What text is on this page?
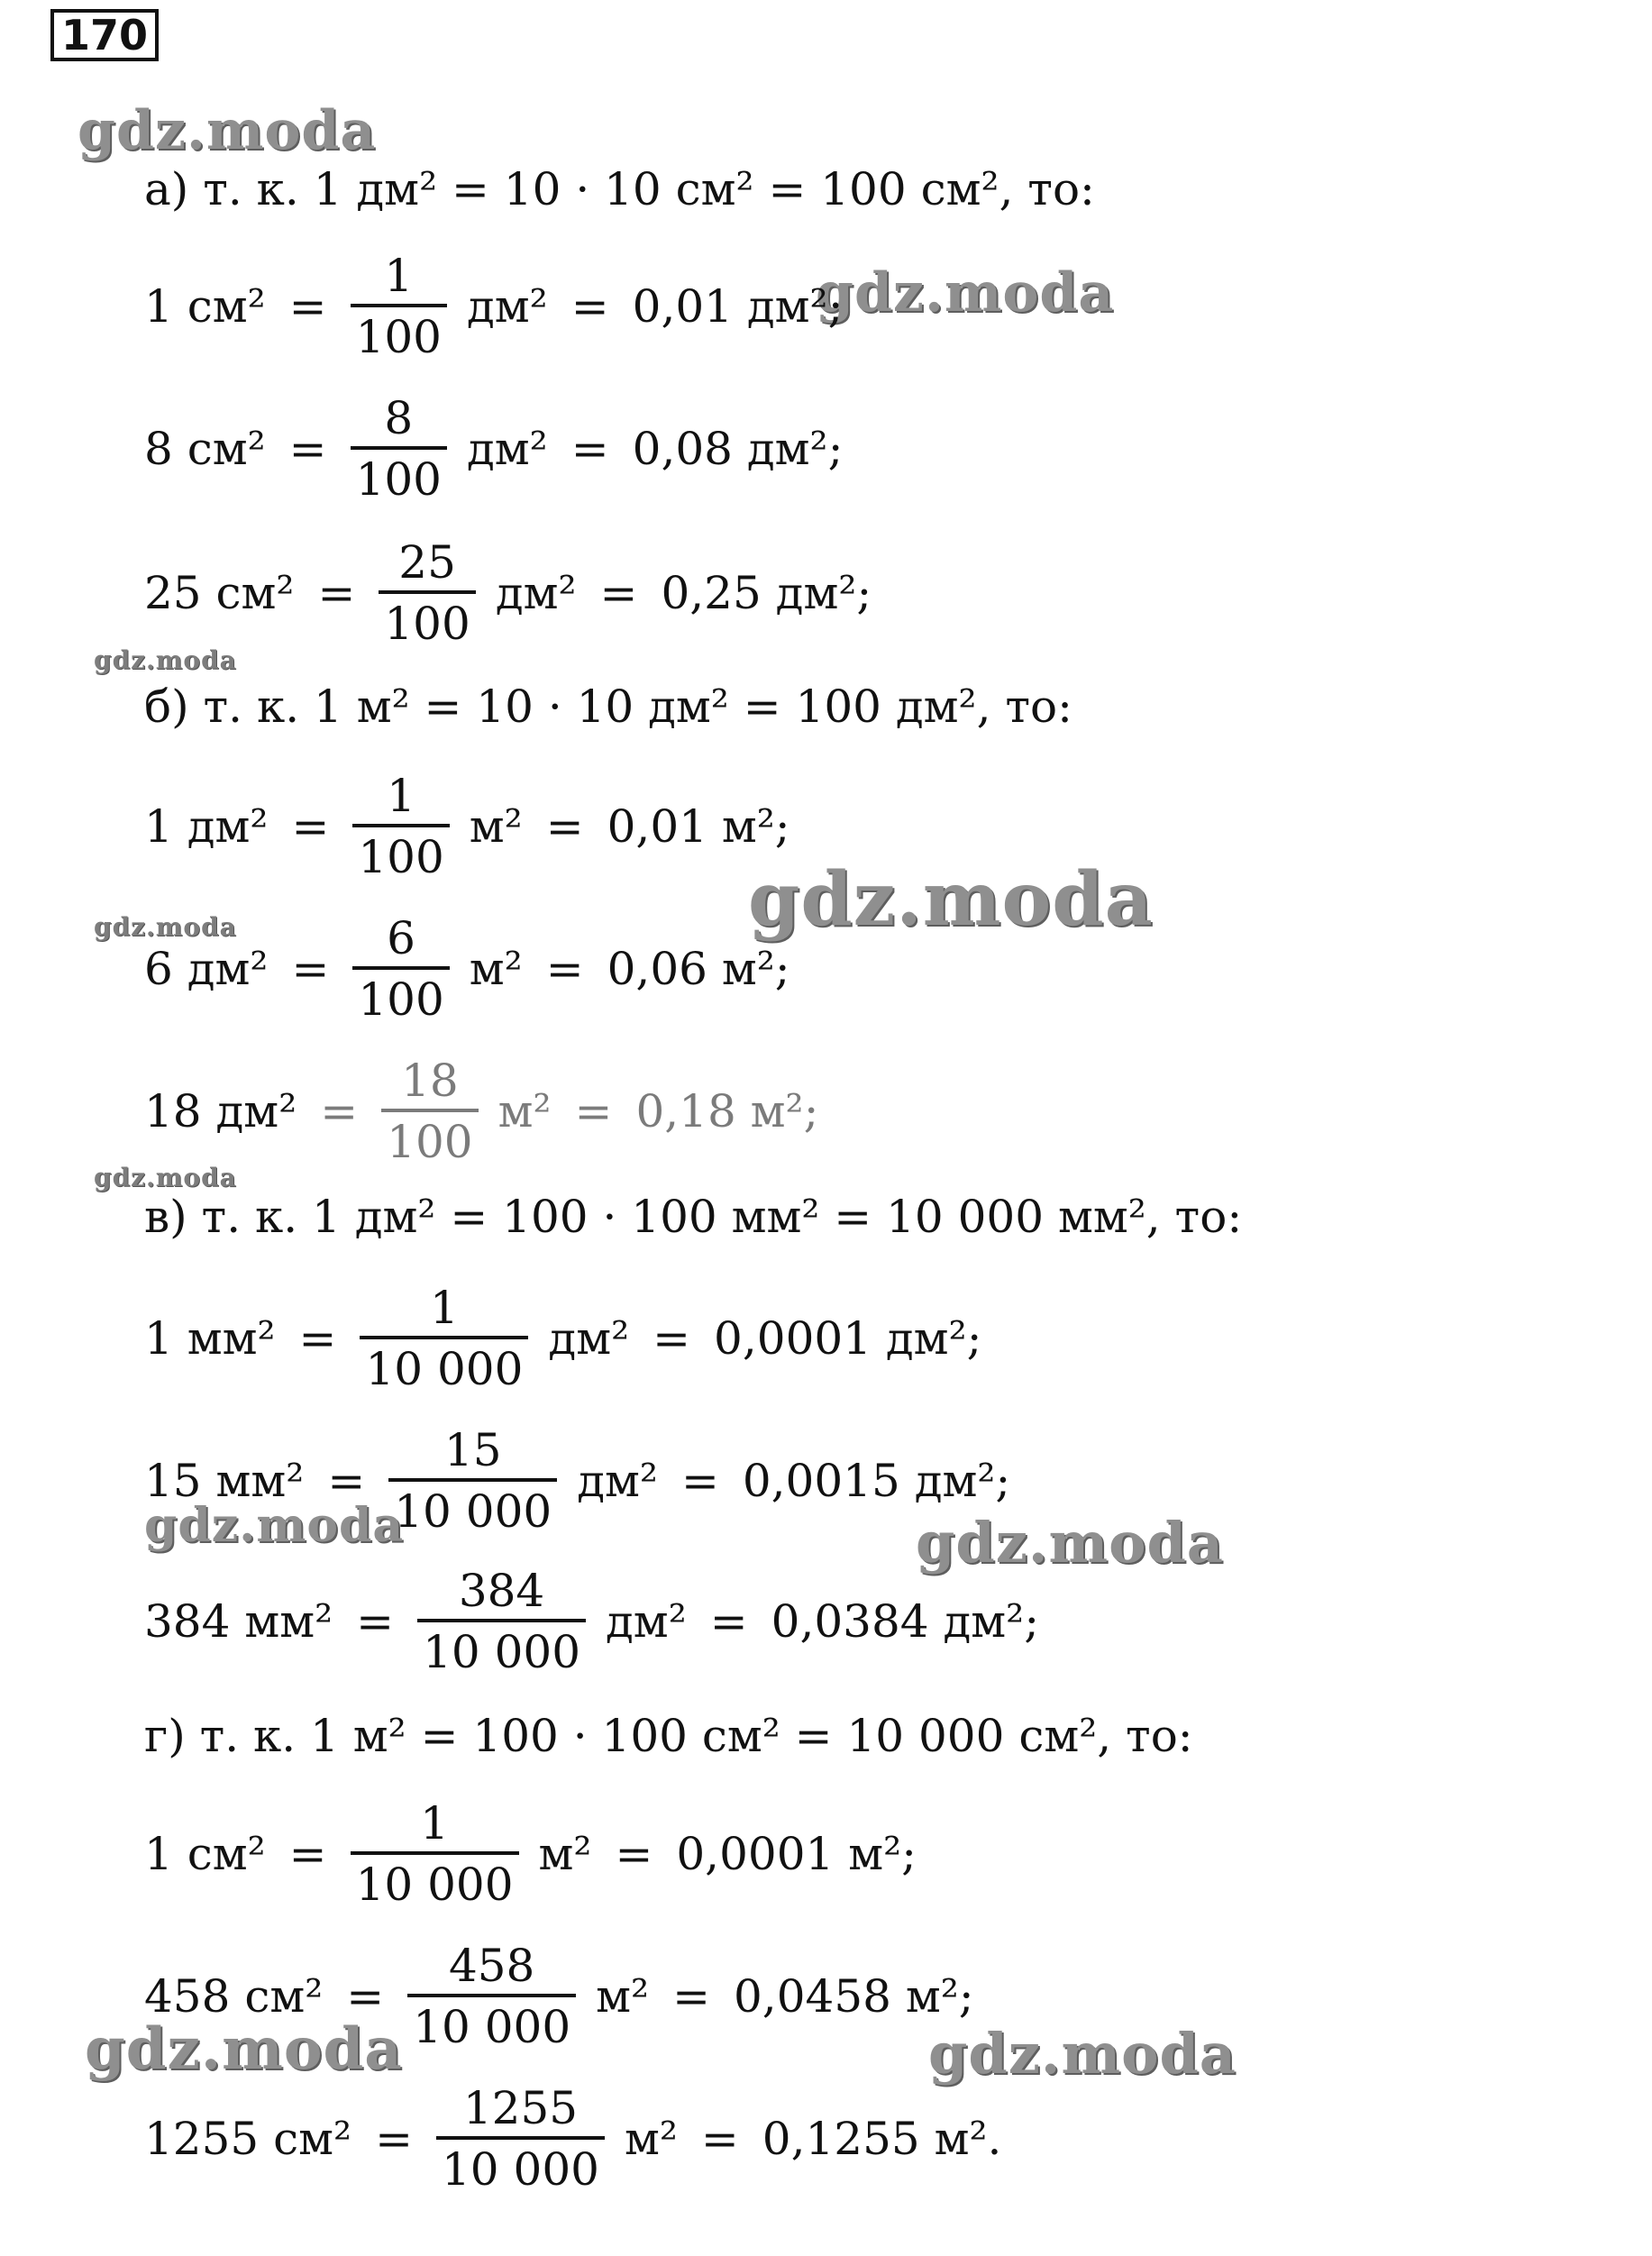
170
gdz.moda
gdz.moda
gdz.moda
gdz.moda
gdz.moda
gdz.moda
gdz.moda	gdz.moda
gdz.moda	gdz.moda
а) т. к. 1 дм² = 10 · 10 см² = 100 см², то:
1 $см^2 = \frac{1}{100} дм^2 = 0,01$ дм²;
8 $см^2 = \frac{8}{100} дм^2 = 0,08$ дм²;
25 $см^2 = \frac{25}{100} дм^2 = 0,25$ дм²;
б) т. к. 1 м² = 10 · 10 дм² = 100 дм², то:
1 $дм^2 = \frac{1}{100} м^2 = 0,01$ м²;
6 $дм^2 = \frac{6}{100} м^2 = 0,06$ м²;
18 $дм^2 = \frac{18}{100} м^2 = 0,18$ м²;
в) т. к. 1 дм² = 100 · 100 мм² = 10 000 мм², то:
1 $мм^2 = \frac{1}{10 000} дм^2 = 0,0001$ дм²;
15 $мм^2 = \frac{15}{10 000} дм^2 = 0,0015$ дм²;
384 $мм^2 = \frac{384}{10 000} дм^2 = 0,0384$ дм²;
г) т. к. 1 м² = 100 · 100 см² = 10 000 см², то:
1 $см^2 = \frac{1}{10 000} м^2 = 0,0001$ м²;
458 $см^2 = \frac{458}{10 000} м^2 = 0,0458$ м²;
1255 $см^2 = \frac{1255}{10 000} м^2 = 0,1255$ м².
